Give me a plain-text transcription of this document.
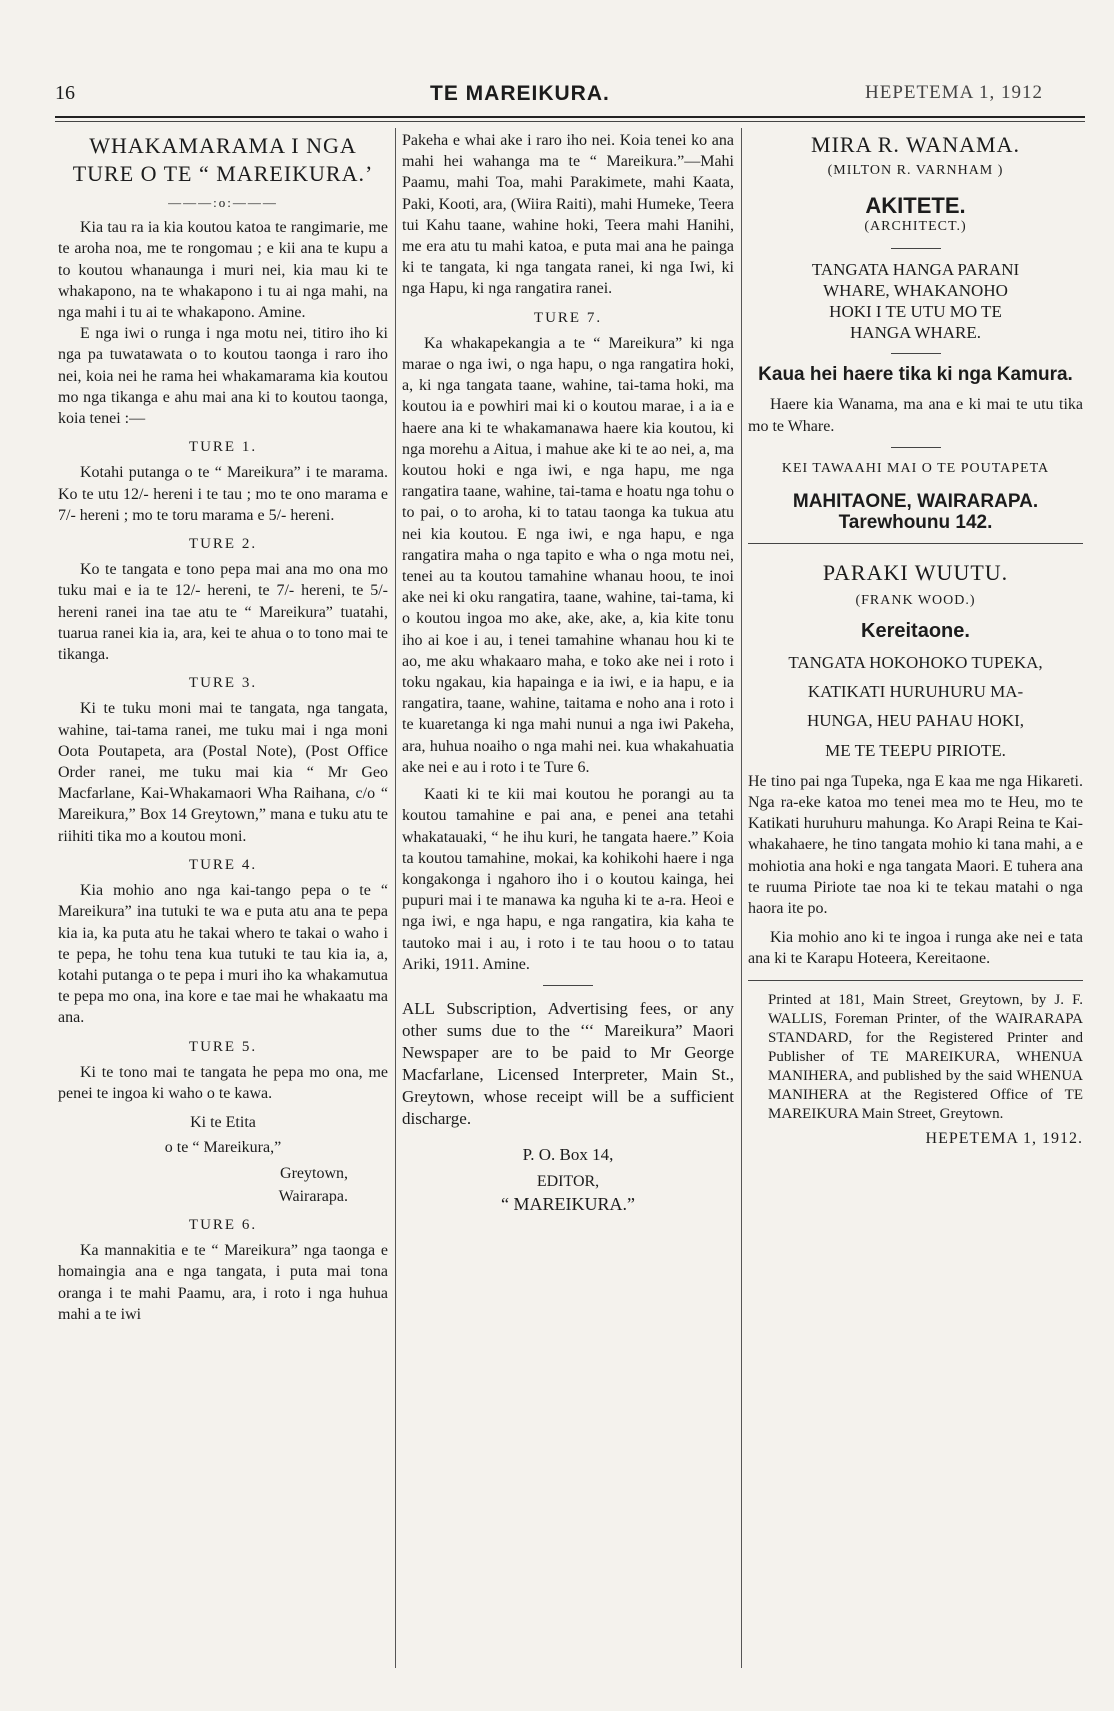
16	TE MAREIKURA.	HEPETEMA 1, 1912
WHAKAMARAMA I NGA TURE O TE “ MAREIKURA.’
———:o:———

Kia tau ra ia kia koutou katoa te rangimarie, me te aroha noa, me te rongomau ; e kii ana te kupu a to koutou whanaunga i muri nei, kia mau ki te whakapono, na te whakapono i tu ai nga mahi, na nga mahi i tu ai te whakapono. Amine.

E nga iwi o runga i nga motu nei, titiro iho ki nga pa tuwatawata o to koutou taonga i raro iho nei, koia nei he rama hei whakamarama kia koutou mo nga tikanga e ahu mai ana ki to koutou taonga, koia tenei :—

TURE 1.

Kotahi putanga o te “ Mareikura” i te marama. Ko te utu 12/- hereni i te tau ; mo te ono marama e 7/- hereni ; mo te toru marama e 5/- hereni.

TURE 2.

Ko te tangata e tono pepa mai ana mo ona mo tuku mai e ia te 12/- hereni, te 7/- hereni, te 5/- hereni ranei ina tae atu te “ Mareikura” tuatahi, tuarua ranei kia ia, ara, kei te ahua o to tono mai te tikanga.

TURE 3.

Ki te tuku moni mai te tangata, nga tangata, wahine, tai-tama ranei, me tuku mai i nga moni Oota Poutapeta, ara (Postal Note), (Post Office Order ranei, me tuku mai kia “ Mr Geo Macfarlane, Kai-Whakamaori Wha Raihana, c/o “ Mareikura,” Box 14 Greytown,” mana e tuku atu te riihiti tika mo a koutou moni.

TURE 4.

Kia mohio ano nga kai-tango pepa o te “ Mareikura” ina tutuki te wa e puta atu ana te pepa kia ia, ka puta atu he takai whero te takai o waho i te pepa, he tohu tena kua tutuki te tau kia ia, a, kotahi putanga o te pepa i muri iho ka whakamutua te pepa mo ona, ina kore e tae mai he whakaatu ma ana.

TURE 5.

Ki te tono mai te tangata he pepa mo ona, me penei te ingoa ki waho o te kawa.

Ki te Etita
o te “ Mareikura,”
Greytown,
Wairarapa.
TURE 6.

Ka mannakitia e te “ Mareikura” nga taonga e homaingia ana e nga tangata, i puta mai tona oranga i te mahi Paamu, ara, i roto i nga huhua mahi a te iwi

Pakeha e whai ake i raro iho nei. Koia tenei ko ana mahi hei wahanga ma te “ Mareikura.”—Mahi Paamu, mahi Toa, mahi Parakimete, mahi Kaata, Paki, Kooti, ara, (Wiira Raiti), mahi Humeke, Teera tui Kahu taane, wahine hoki, Teera mahi Hanihi, me era atu tu mahi katoa, e puta mai ana he painga ki te tangata, ki nga tangata ranei, ki nga Iwi, ki nga Hapu, ki nga rangatira ranei.

TURE 7.

Ka whakapekangia a te “ Mareikura” ki nga marae o nga iwi, o nga hapu, o nga rangatira hoki, a, ki nga tangata taane, wahine, tai-tama hoki, ma koutou ia e powhiri mai ki o koutou marae, i a ia e haere ana ki te whakamanawa haere kia koutou, ki nga morehu a Aitua, i mahue ake ki te ao nei, a, ma koutou hoki e nga iwi, e nga hapu, me nga rangatira taane, wahine, tai-tama e hoatu nga tohu o to pai, o to aroha, ki to tatau taonga ka tukua atu nei kia koutou. E nga iwi, e nga hapu, e nga rangatira maha o nga tapito e wha o nga motu nei, tenei au ta koutou tamahine whanau hoou, te inoi ake nei ki oku rangatira, taane, wahine, tai-tama, ki o koutou ingoa mo ake, ake, ake, a, kia kite tonu iho ai koe i au, i tenei tamahine whanau hou ki te ao, me aku whakaaro maha, e toko ake nei i roto i toku ngakau, kia hapainga e ia iwi, e ia hapu, e ia rangatira, taane, wahine, taitama e noho ana i roto i te kuaretanga ki nga mahi nunui a nga iwi Pakeha, ara, huhua noaiho o nga mahi nei. kua whakahuatia ake nei e au i roto i te Ture 6.

Kaati ki te kii mai koutou he porangi au ta koutou tamahine e pai ana, e penei ana tetahi whakatauaki, “ he ihu kuri, he tangata haere.” Koia ta koutou tamahine, mokai, ka kohikohi haere i nga kongakonga i ngahoro iho i o koutou kainga, hei pupuri mai i te manawa ka nguha ki te a-ra. Heoi e nga iwi, e nga hapu, e nga rangatira, kia kaha te tautoko mai i au, i roto i te tau hoou o to tatau Ariki, 1911. Amine.

ALL Subscription, Advertising fees, or any other sums due to the ‘‘‘ Mareikura” Maori Newspaper are to be paid to Mr George Macfarlane, Licensed Interpreter, Main St., Greytown, whose receipt will be a sufficient discharge.

P. O. Box 14,
EDITOR,
“ MAREIKURA.”
MIRA R. WANAMA.
(MILTON R. VARNHAM )
AKITETE.
(ARCHITECT.)
TANGATA HANGA PARANI
WHARE, WHAKANOHO
HOKI I TE UTU MO TE
HANGA WHARE.
Kaua hei haere tika ki nga Kamura.

Haere kia Wanama, ma ana e ki mai te utu tika mo te Whare.

KEI TAWAAHI MAI O TE POUTAPETA
MAHITAONE, WAIRARAPA.
Tarewhounu 142.
PARAKI WUUTU.
(FRANK WOOD.)
Kereitaone.
TANGATA HOKOHOKO TUPEKA,
KATIKATI HURUHURU MA-
HUNGA, HEU PAHAU HOKI,
ME TE TEEPU PIRIOTE.

He tino pai nga Tupeka, nga E kaa me nga Hikareti. Nga ra-eke katoa mo tenei mea mo te Heu, mo te Katikati huruhuru mahunga. Ko Arapi Reina te Kai-whakahaere, he tino tangata mohio ki tana mahi, a e mohiotia ana hoki e nga tangata Maori. E tuhera ana te ruuma Piriote tae noa ki te tekau matahi o nga haora ite po.

Kia mohio ano ki te ingoa i runga ake nei e tata ana ki te Karapu Hoteera, Kereitaone.

Printed at 181, Main Street, Greytown, by J. F. WALLIS, Foreman Printer, of the WAIRARAPA STANDARD, for the Registered Printer and Publisher of TE MAREIKURA, WHENUA MANIHERA, and published by the said WHENUA MANIHERA at the Registered Office of TE MAREIKURA Main Street, Greytown.

HEPETEMA 1, 1912.
